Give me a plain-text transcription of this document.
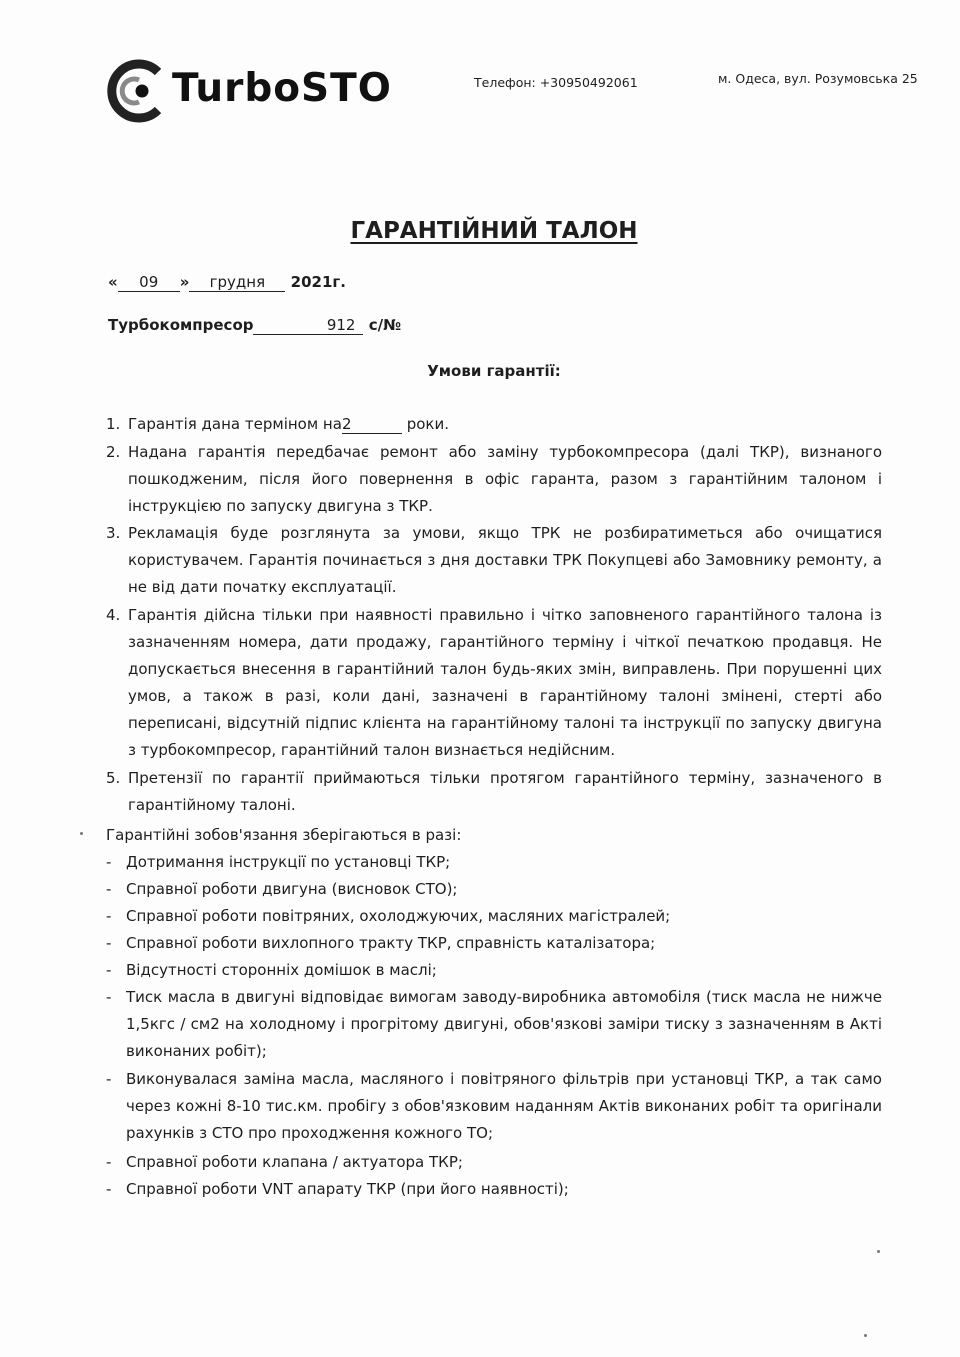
TurboSTO	Телефон: +30950492061	м. Одеса, вул. Розумовська 25
ГАРАНТІЙНИЙ ТАЛОН
« 09 » грудня 2021г.
Турбокомпресор	912 с/№
Умови гарантії:
1. Гарантія дана терміном на2	роки.
2. Надана гарантія передбачає ремонт або заміну турбокомпресора (далі ТКР), визнаного пошкодженим, після його повернення в офіс гаранта, разом з гарантійним талоном і інструкцією по запуску двигуна з ТКР.
3. Рекламація буде розглянута за умови, якщо ТРК не розбиратиметься або очищатися користувачем. Гарантія починається з дня доставки ТРК Покупцеві або Замовнику ремонту, а не від дати початку експлуатації.
4. Гарантія дійсна тільки при наявності правильно і чітко заповненого гарантійного талона із зазначенням номера, дати продажу, гарантійного терміну і чіткої печаткою продавця. Не допускається внесення в гарантійний талон будь-яких змін, виправлень. При порушенні цих умов, а також в разі, коли дані, зазначені в гарантійному талоні змінені, стерті або переписані, відсутній підпис клієнта на гарантійному талоні та інструкції по запуску двигуна з турбокомпресор, гарантійний талон визнається недійсним.
5. Претензії по гарантії приймаються тільки протягом гарантійного терміну, зазначеного в гарантійному талоні.
Гарантійні зобов'язання зберігаються в разі:
- Дотримання інструкції по установці ТКР;
- Справної роботи двигуна (висновок СТО);
- Справної роботи повітряних, охолоджуючих, масляних магістралей;
- Справної роботи вихлопного тракту ТКР, справність каталізатора;
- Відсутності сторонніх домішок в маслі;
- Тиск масла в двигуні відповідає вимогам заводу-виробника автомобіля (тиск масла не нижче 1,5кгс / см2 на холодному і прогрітому двигуні, обов'язкові заміри тиску з зазначенням в Акті виконаних робіт);
- Виконувалася заміна масла, масляного і повітряного фільтрів при установці ТКР, а так само через кожні 8-10 тис.км. пробігу з обов'язковим наданням Актів виконаних робіт та оригінали рахунків з СТО про проходження кожного ТО;
- Справної роботи клапана / актуатора ТКР;
- Справної роботи VNT апарату ТКР (при його наявності);
